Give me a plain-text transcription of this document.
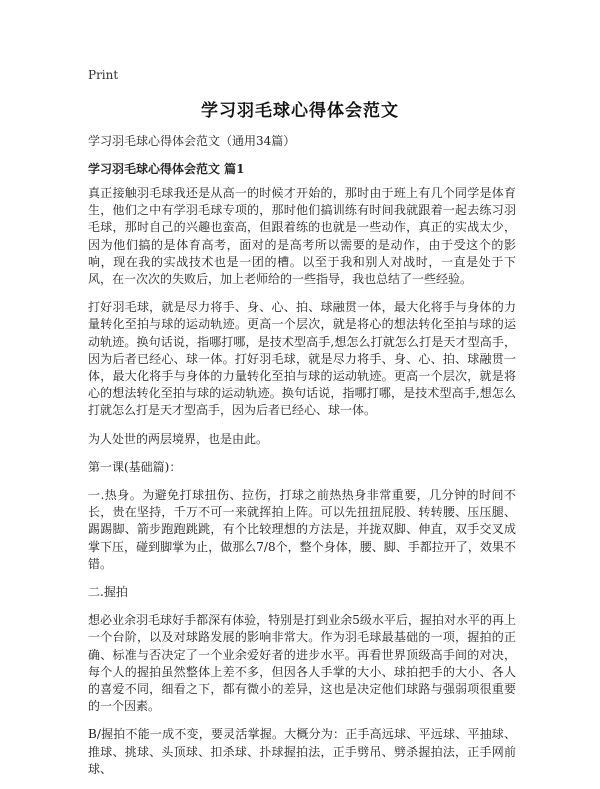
Print
学习羽毛球心得体会范文
学习羽毛球心得体会范文（通用34篇）
学习羽毛球心得体会范文 篇1

真正接触羽毛球我还是从高一的时候才开始的，那时由于班上有几个同学是体育生，他们之中有学羽毛球专项的，那时他们搞训练有时间我就跟着一起去练习羽毛球，那时自己的兴趣也蛮高，但跟着练的也就是一些动作，真正的实战太少，因为他们搞的是体育高考，面对的是高考所以需要的是动作，由于受这个的影响，现在我的实战技术也是一团的槽。以至于我和别人对战时，一直是处于下风，在一次次的失败后，加上老师给的一些指导，我也总结了一些经验。

打好羽毛球，就是尽力将手、身、心、拍、球融贯一体，最大化将手与身体的力量转化至拍与球的运动轨迹。更高一个层次，就是将心的想法转化至拍与球的运动轨迹。换句话说，指哪打哪，是技术型高手,想怎么打就怎么打是天才型高手，因为后者已经心、球一体。打好羽毛球，就是尽力将手、身、心、拍、球融贯一体，最大化将手与身体的力量转化至拍与球的运动轨迹。更高一个层次，就是将心的想法转化至拍与球的运动轨迹。换句话说，指哪打哪，是技术型高手,想怎么打就怎么打是天才型高手，因为后者已经心、球一体。

为人处世的两层境界，也是由此。

第一课(基础篇)：

一.热身。为避免打球扭伤、拉伤，打球之前热热身非常重要，几分钟的时间不长，贵在坚持，千万不可一来就挥拍上阵。可以先扭扭屁股、转转腰、压压腿、踢踢脚、箭步跑跑跳跳，有个比较理想的方法是，并拢双脚、伸直，双手交叉成掌下压，碰到脚掌为止，做那么7/8个，整个身体，腰、脚、手都拉开了，效果不错。

二.握拍

想必业余羽毛球好手都深有体验，特别是打到业余5级水平后，握拍对水平的再上一个台阶，以及对球路发展的影响非常大。作为羽毛球最基础的一项，握拍的正确、标准与否决定了一个业余爱好者的进步水平。再看世界顶级高手间的对决，每个人的握拍虽然整体上差不多，但因各人手掌的大小、球拍把手的大小、各人的喜爱不同，细看之下，都有微小的差异，这也是决定他们球路与强弱项很重要的一个因素。

B/握拍不能一成不变，要灵活掌握。大概分为：正手高远球、平远球、平抽球、推球、挑球、头顶球、扣杀球、扑球握拍法，正手劈吊、劈杀握拍法，正手网前球、
